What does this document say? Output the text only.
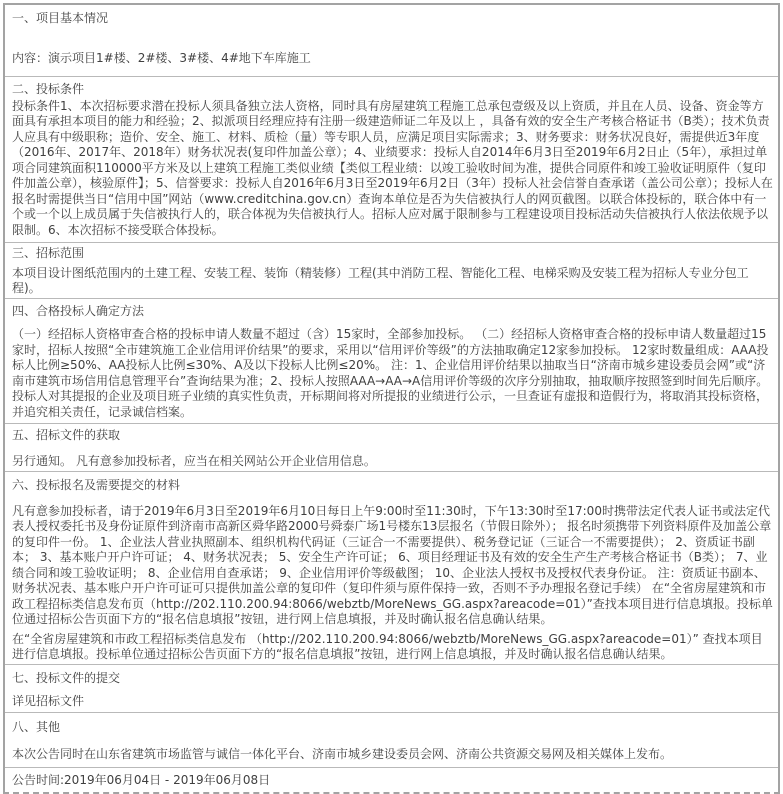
一、项目基本情况

内容：演示项目1#楼、2#楼、3#楼、4#地下车库施工

二、投标条件

投标条件1、本次招标要求潜在投标人须具备独立法人资格，同时具有房屋建筑工程施工总承包壹级及以上资质，并且在人员、设备、资金等方面具有承担本项目的能力和经验；2、拟派项目经理应持有注册一级建造师证二年及以上 ，具备有效的安全生产考核合格证书（B类）；技术负责人应具有中级职称；造价、安全、施工、材料、质检（量）等专职人员，应满足项目实际需求；3、财务要求：财务状况良好，需提供近3年度（2016年、2017年、2018年）财务状况表(复印件加盖公章）；4、业绩要求：投标人自2014年6月3日至2019年6月2日止（5年），承担过单项合同建筑面积110000平方米及以上建筑工程施工类似业绩【类似工程业绩：以竣工验收时间为准，提供合同原件和竣工验收证明原件（复印件加盖公章），核验原件】；5、信誉要求：投标人自2016年6月3日至2019年6月2日（3年）投标人社会信誉自查承诺（盖公司公章）；投标人在报名时需提供当日“信用中国”网站（www.creditchina.gov.cn）查询本单位是否为失信被执行人的网页截图。以联合体投标的，联合体中有一个或一个以上成员属于失信被执行人的，联合体视为失信被执行人。招标人应对属于限制参与工程建设项目投标活动失信被执行人依法依规予以限制。6、本次招标不接受联合体投标。

三、招标范围

本项目设计图纸范围内的土建工程、安装工程、装饰（精装修）工程(其中消防工程、智能化工程、电梯采购及安装工程为招标人专业分包工程)。

四、合格投标人确定方法

（一）经招标人资格审查合格的投标申请人数量不超过（含）15家时，全部参加投标。 （二）经招标人资格审查合格的投标申请人数量超过15家时，招标人按照“全市建筑施工企业信用评价结果”的要求，采用以“信用评价等级”的方法抽取确定12家参加投标。 12家时数量组成：AAA投标人比例≥50%、AA投标人比例≤30%、A及以下投标人比例≤20%。 注：1、企业信用评价结果以抽取当日“济南市城乡建设委员会网”或“济南市建筑市场信用信息管理平台”查询结果为准；2、投标人按照AAA→AA→A信用评价等级的次序分别抽取，抽取顺序按照签到时间先后顺序。 投标人对其提报的企业及项目班子业绩的真实性负责，开标期间将对所提报的业绩进行公示，一旦查证有虚报和造假行为，将取消其投标资格，并追究相关责任，记录诚信档案。

五、招标文件的获取

另行通知。 凡有意参加投标者，应当在相关网站公开企业信用信息。

六、投标报名及需要提交的材料

凡有意参加投标者，请于2019年6月3日至2019年6月10日每日上午9:00时至11:30时，下午13:30时至17:00时携带法定代表人证书或法定代表人授权委托书及身份证原件到济南市高新区舜华路2000号舜泰广场1号楼东13层报名（节假日除外）； 报名时须携带下列资料原件及加盖公章的复印件一份。 1、企业法人营业执照副本、组织机构代码证（三证合一不需要提供）、税务登记证（三证合一不需要提供）； 2、资质证书副本； 3、基本账户开户许可证； 4、财务状况表； 5、安全生产许可证； 6、项目经理证书及有效的安全生产生产考核合格证书（B类）； 7、业绩合同和竣工验收证明； 8、企业信用自查承诺； 9、企业信用评价等级截图； 10、企业法人授权书及授权代表身份证。 注：资质证书副本、财务状况表、基本账户开户许可证可只提供加盖公章的复印件（复印件须与原件保持一致，否则不予办理报名登记手续） 在“全省房屋建筑和市政工程招标类信息发布页（http://202.110.200.94:8066/webztb/MoreNews_GG.aspx?areacode=01）”查找本项目进行信息填报。投标单位通过招标公告页面下方的“报名信息填报”按钮，进行网上信息填报，并及时确认报名信息确认结果。

在“全省房屋建筑和市政工程招标类信息发布 （http://202.110.200.94:8066/webztb/MoreNews_GG.aspx?areacode=01）” 查找本项目进行信息填报。投标单位通过招标公告页面下方的“报名信息填报”按钮，进行网上信息填报，并及时确认报名信息确认结果。

七、投标文件的提交

详见招标文件

八、其他

本次公告同时在山东省建筑市场监管与诚信一体化平台、济南市城乡建设委员会网、济南公共资源交易网及相关媒体上发布。

公告时间:2019年06月04日 - 2019年06月08日
